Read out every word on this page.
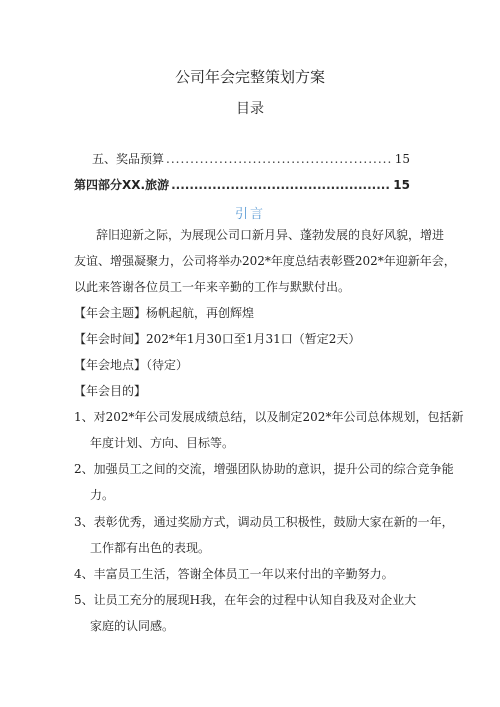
公司年会完整策划方案
目录
五、奖品预算 .....	15
第四部分XX.旅游 .....	15
引言
辞旧迎新之际，为展现公司口新月异、蓬勃发展的良好风貌，增进
友谊、增强凝聚力，公司将举办202*年度总结表彰暨202*年迎新年会，
以此来答谢各位员工一年来辛勤的工作与默默付出。
【年会主题】杨帆起航，再创辉煌
【年会时间】202*年1月30口至1月31口（暂定2天）
【年会地点】（待定）
【年会目的】
1、对202*年公司发展成绩总结，以及制定202*年公司总体规划，包括新
年度计划、方向、目标等。
2、加强员工之间的交流，增强团队协助的意识，提升公司的综合竞争能
力。
3、表彰优秀，通过奖励方式，调动员工积极性，鼓励大家在新的一年，
工作都有出色的表现。
4、丰富员工生活，答谢全体员工一年以来付出的辛勤努力。
5、让员工充分的展现H我，在年会的过程中认知自我及对企业大
家庭的认同感。
